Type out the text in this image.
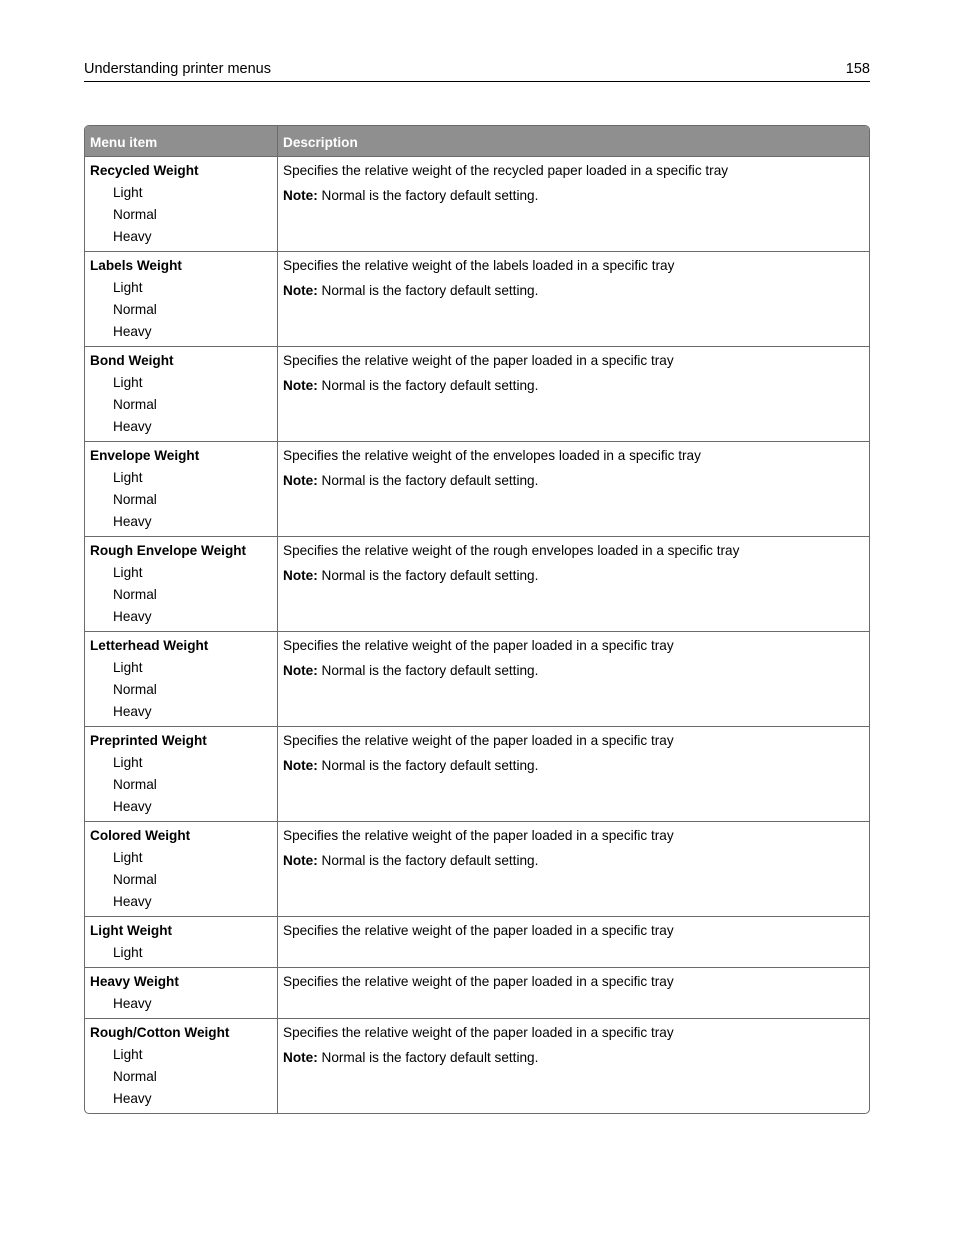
Understanding printer menus	158
Menu item	Description

Recycled Weight
Light
Normal
Heavy	Specifies the relative weight of the recycled paper loaded in a specific tray
Note: Normal is the factory default setting.

Labels Weight
Light
Normal
Heavy	Specifies the relative weight of the labels loaded in a specific tray
Note: Normal is the factory default setting.

Bond Weight
Light
Normal
Heavy	Specifies the relative weight of the paper loaded in a specific tray
Note: Normal is the factory default setting.

Envelope Weight
Light
Normal
Heavy	Specifies the relative weight of the envelopes loaded in a specific tray
Note: Normal is the factory default setting.

Rough Envelope Weight
Light
Normal
Heavy	Specifies the relative weight of the rough envelopes loaded in a specific tray
Note: Normal is the factory default setting.

Letterhead Weight
Light
Normal
Heavy	Specifies the relative weight of the paper loaded in a specific tray
Note: Normal is the factory default setting.

Preprinted Weight
Light
Normal
Heavy	Specifies the relative weight of the paper loaded in a specific tray
Note: Normal is the factory default setting.

Colored Weight
Light
Normal
Heavy	Specifies the relative weight of the paper loaded in a specific tray
Note: Normal is the factory default setting.

Light Weight
Light	Specifies the relative weight of the paper loaded in a specific tray

Heavy Weight
Heavy	Specifies the relative weight of the paper loaded in a specific tray

Rough/Cotton Weight
Light
Normal
Heavy	Specifies the relative weight of the paper loaded in a specific tray
Note: Normal is the factory default setting.
